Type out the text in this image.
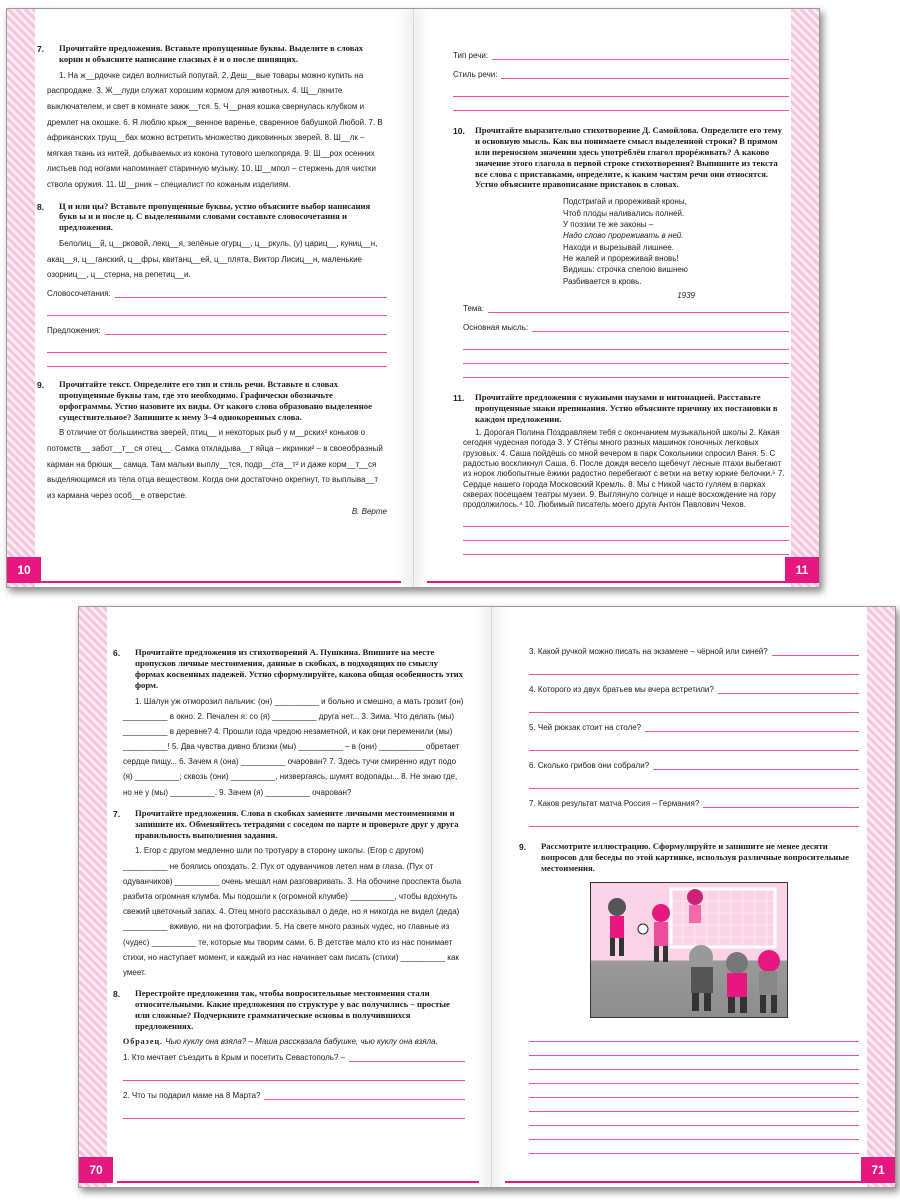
7.	Прочитайте предложения. Вставьте пропущенные буквы. Выделите в словах корни и объясните написание гласных ё и о после шипящих.

1. На ж__рдочке сидел волнистый попугай. 2. Деш__вые товары можно купить на распродаже. 3. Ж__луди служат хорошим кормом для животных. 4. Щ__лкните выключателем, и свет в комнате зажж__тся. 5. Ч__рная кошка свернулась клубком и дремлет на окошке. 6. Я люблю крыж__венное варенье, сваренное бабушкой Любой. 7. В африканских трущ__бах можно встретить множество диковинных зверей. 8. Ш__лк – мягкая ткань из нитей, добываемых из кокона тутового шелкопряда. 9. Ш__рох осенних листьев под ногами напоминает старинную музыку. 10. Ш__мпол – стержень для чистки ствола оружия. 11. Ш__рник – специалист по кожаным изделиям.

8.	Ц и или цы? Вставьте пропущенные буквы, устно объясните выбор написания букв ы и и после ц. С выделенными словами составьте словосочетания и предложения.

Белолиц__й, ц__рковой, лекц__я, зелёные огурц__, ц__ркуль, (у) цариц__, куниц__н, акац__я, ц__ганский, ц__фры, квитанц__ей, ц__плята, Виктор Лисиц__н, маленькие озорниц__, ц__стерна, на репетиц__и.

Словосочетания:
Предложения:
9.	Прочитайте текст. Определите его тип и стиль речи. Вставьте в словах пропущенные буквы там, где это необходимо. Графически обозначьте орфограммы. Устно назовите их виды. От какого слова образовано выделенное существительное? Запишите к нему 3–4 однокоренных слова.

В отличие от большинства зверей, птиц__ и некоторых рыб у м__рских² коньков о потомств__ забот__т__ся отец__. Самка откладыва__т яйца – икринки² – в своеобразный карман на брюшк__ самца. Там мальки выплу__тся, подр__ста__т² и даже корм__т__ся выделяющимся из тела отца веществом. Когда они достаточно окрепнут, то выплыва__т из кармана через особ__е отверстие.

В. Верте
10
Тип речи:
Стиль речи:
10.	Прочитайте выразительно стихотворение Д. Самойлова. Определите его тему и основную мысль. Как вы понимаете смысл выделенной строки? В прямом или переносном значении здесь употреблён глагол прорéживать? А каково значение этого глагола в первой строке стихотворения? Выпишите из текста все слова с приставками, определите, к каким частям речи они относятся. Устно объясните правописание приставок в словах.
Подстригай и прореживай кроны,
Чтоб плоды наливались полней.
У поэзии те же законы –
Надо слово прореживать в ней.
Находи и вырезывай лишнее.
Не жалей и прореживай вновь!
Видишь: строчка спелою вишнею
Разбивается в кровь.
1939
Тема:
Основная мысль:
11.	Прочитайте предложения с нужными паузами и интонацией. Расставьте пропущенные знаки препинания. Устно объясните причину их постановки в каждом предложении.

1. Дорогая Полина Поздравляем тебя с окончанием музыкальной школы 2. Какая сегодня чудесная погода 3. У Стёпы много разных машинок гоночных легковых грузовых. 4. Саша пойдёшь со мной вечером в парк Сокольники спросил Ваня. 5. С радостью воскликнул Саша. 6. После дождя весело щебечут лесные птахи выбегают из норок любопытные ёжики радостно перебегают с ветки на ветку юркие белочки.⁵ 7. Сердце нашего города Московский Кремль. 8. Мы с Никой часто гуляем в парках скверах посещаем театры музеи. 9. Выглянуло солнце и наше восхождение на гору продолжилось.⁴ 10. Любимый писатель моего друга Антон Павлович Чехов.

11
6.	Прочитайте предложения из стихотворений А. Пушкина. Впишите на месте пропусков личные местоимения, данные в скобках, в подходящих по смыслу формах косвенных падежей. Устно сформулируйте, какова общая особенность этих форм.

1. Шалун уж отморозил пальчик: (он) __________ и больно и смешно, а мать грозит (он) __________ в окно. 2. Печален я: со (я) __________ друга нет... 3. Зима. Что делать (мы) __________ в деревне? 4. Прошли года чредою незаметной, и как они переменили (мы) __________! 5. Два чувства дивно близки (мы) __________ – в (они) __________ обретает сердце пищу... 6. Зачем я (она) __________ очарован? 7. Здесь тучи смиренно идут подо (я) __________; сквозь (они) __________, низвергаясь, шумят водопады... 8. Не знаю где, но не у (мы) __________. 9. Зачем (я) __________ очарован?

7.	Прочитайте предложения. Слова в скобках замените личными местоимениями и запишите их. Обменяйтесь тетрадями с соседом по парте и проверьте друг у друга правильность выполнения задания.

1. Егор с другом медленно шли по тротуару в сторону школы. (Егор с другом) __________ не боялись опоздать. 2. Пух от одуванчиков летел нам в глаза. (Пух от одуванчиков) __________ очень мешал нам разговаривать. 3. На обочине проспекта была разбита огромная клумба. Мы подошли к (огромной клумбе) __________, чтобы вдохнуть свежий цветочный запах. 4. Отец много рассказывал о деде, но я никогда не видел (деда) __________ вживую, ни на фотографии. 5. На свете много разных чудес, но главные из (чудес) __________ те, которые мы творим сами. 6. В детстве мало кто из нас понимает стихи, но наступает момент, и каждый из нас начинает сам писать (стихи) __________ как умеет.

8.	Перестройте предложения так, чтобы вопросительные местоимения стали относительными. Какие предложения по структуре у вас получились – простые или сложные? Подчеркните грамматические основы в получившихся предложениях.
Образец. Чью куклу она взяла? – Маша рассказала бабушке, чью куклу она взяла.
1. Кто мечтает съездить в Крым и посетить Севастополь? –
2. Что ты подарил маме на 8 Марта?
70
3. Какой ручкой можно писать на экзамене – чёрной или синей?
4. Которого из двух братьев мы вчера встретили?
5. Чей рюкзак стоит на столе?
6. Сколько грибов они собрали?
7. Каков результат матча Россия – Германия?
9.	Рассмотрите иллюстрацию. Сформулируйте и запишите не менее десяти вопросов для беседы по этой картинке, используя различные вопросительные местоимения.
71
